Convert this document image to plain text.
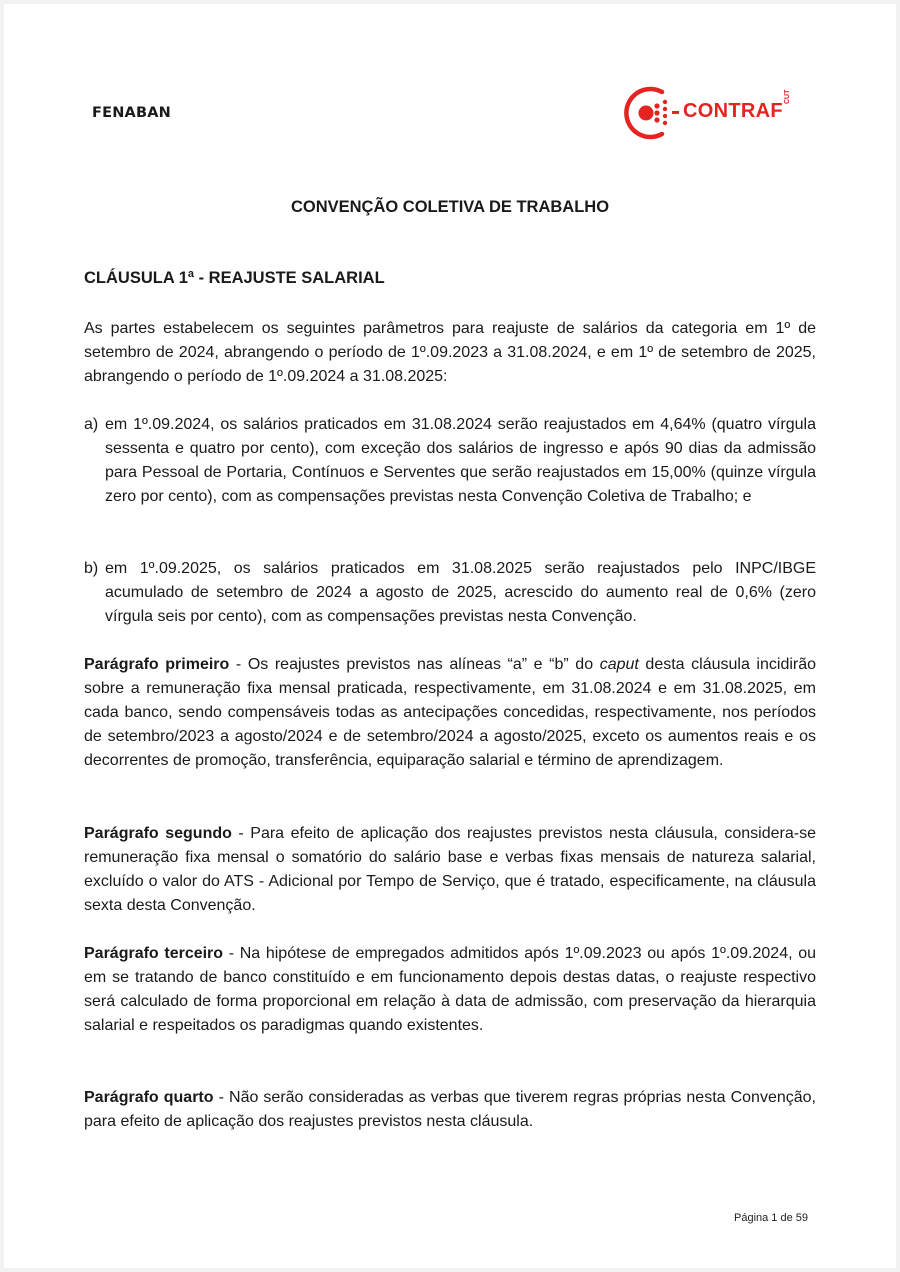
FENABAN	CONTRAF
CUT
CONVENÇÃO COLETIVA DE TRABALHO
CLÁUSULA 1ª - REAJUSTE SALARIAL

As partes estabelecem os seguintes parâmetros para reajuste de salários da categoria em 1º de setembro de 2024, abrangendo o período de 1º.09.2023 a 31.08.2024, e em 1º de setembro de 2025, abrangendo o período de 1º.09.2024 a 31.08.2025:

a) em 1º.09.2024, os salários praticados em 31.08.2024 serão reajustados em 4,64% (quatro vírgula sessenta e quatro por cento), com exceção dos salários de ingresso e após 90 dias da admissão para Pessoal de Portaria, Contínuos e Serventes que serão reajustados em 15,00% (quinze vírgula zero por cento), com as compensações previstas nesta Convenção Coletiva de Trabalho; e
b) em 1º.09.2025, os salários praticados em 31.08.2025 serão reajustados pelo INPC/IBGE acumulado de setembro de 2024 a agosto de 2025, acrescido do aumento real de 0,6% (zero vírgula seis por cento), com as compensações previstas nesta Convenção.

Parágrafo primeiro - Os reajustes previstos nas alíneas “a” e “b” do caput desta cláusula incidirão sobre a remuneração fixa mensal praticada, respectivamente, em 31.08.2024 e em 31.08.2025, em cada banco, sendo compensáveis todas as antecipações concedidas, respectivamente, nos períodos de setembro/2023 a agosto/2024 e de setembro/2024 a agosto/2025, exceto os aumentos reais e os decorrentes de promoção, transferência, equiparação salarial e término de aprendizagem.

Parágrafo segundo - Para efeito de aplicação dos reajustes previstos nesta cláusula, considera-se remuneração fixa mensal o somatório do salário base e verbas fixas mensais de natureza salarial, excluído o valor do ATS - Adicional por Tempo de Serviço, que é tratado, especificamente, na cláusula sexta desta Convenção.

Parágrafo terceiro - Na hipótese de empregados admitidos após 1º.09.2023 ou após 1º.09.2024, ou em se tratando de banco constituído e em funcionamento depois destas datas, o reajuste respectivo será calculado de forma proporcional em relação à data de admissão, com preservação da hierarquia salarial e respeitados os paradigmas quando existentes.

Parágrafo quarto - Não serão consideradas as verbas que tiverem regras próprias nesta Convenção, para efeito de aplicação dos reajustes previstos nesta cláusula.

Página 1 de 59
